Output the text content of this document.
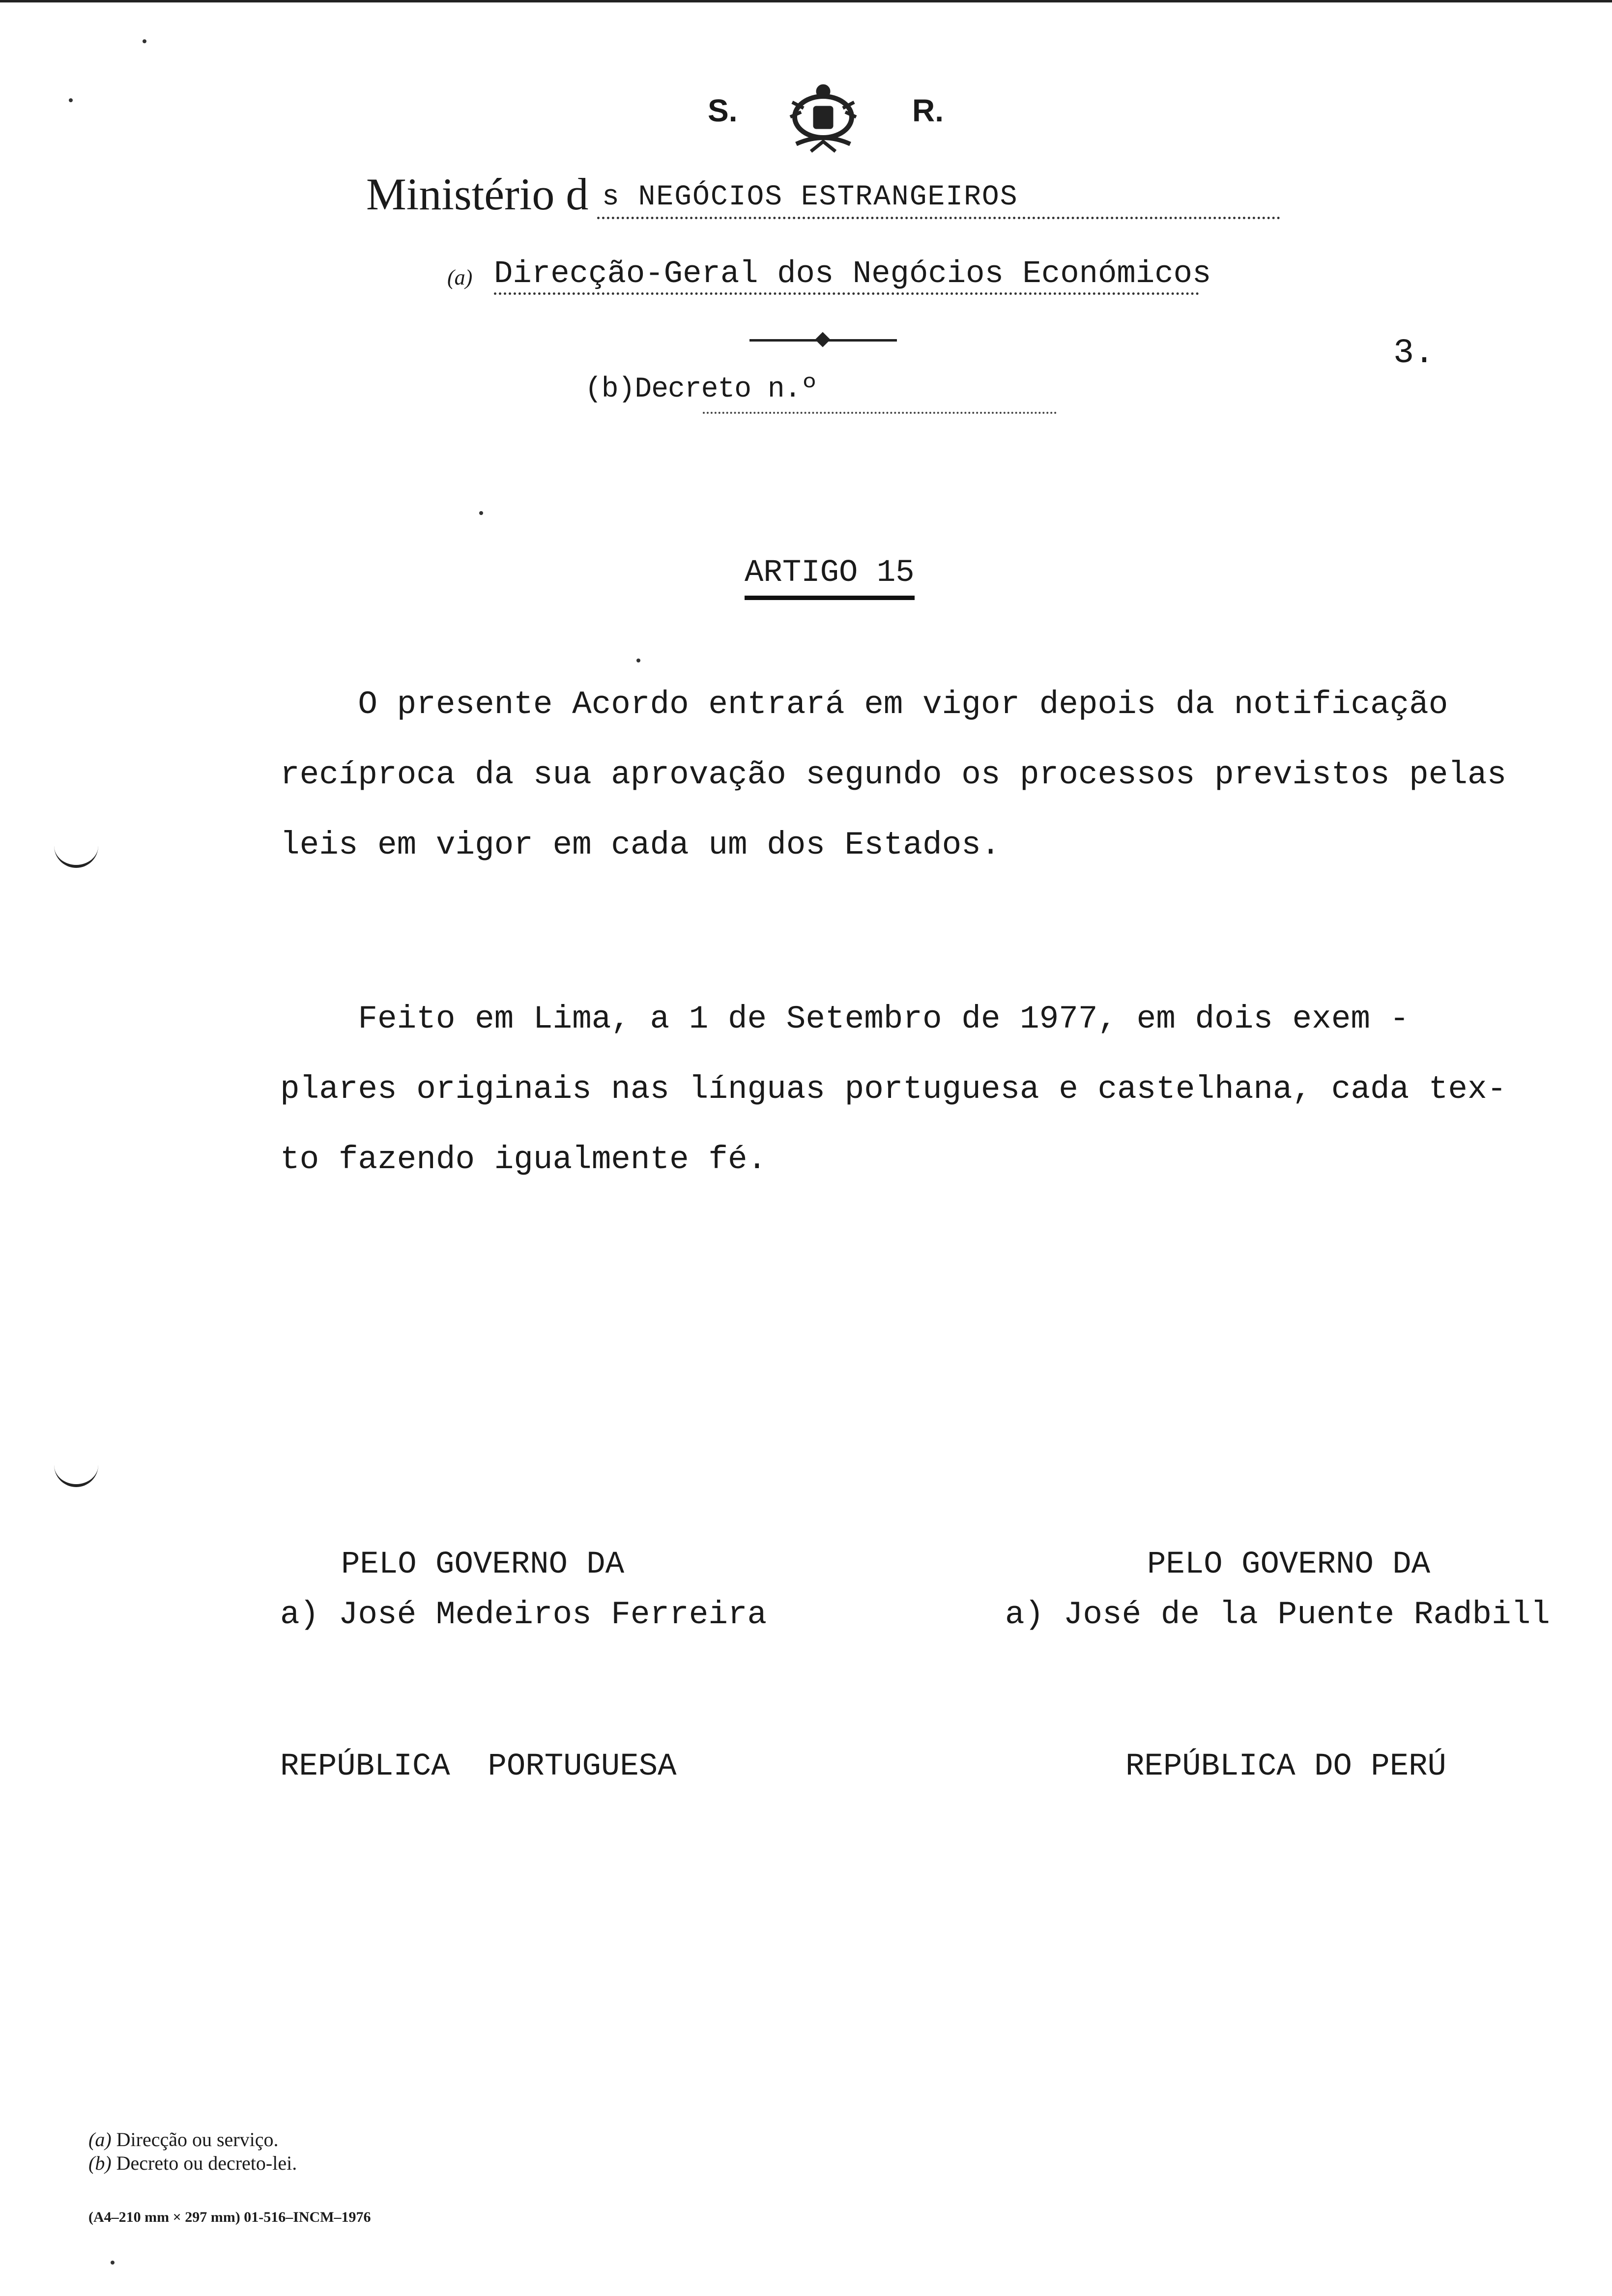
S.	R.
Ministério d s NEGÓCIOS ESTRANGEIROS
(a) Direcção-Geral dos Negócios Económicos
3.
(b)Decreto n.º
ARTIGO 15
O presente Acordo entrará em vigor depois da notificação
recíproca da sua aprovação segundo os processos previstos pelas
leis em vigor em cada um dos Estados.
Feito em Lima, a 1 de Setembro de 1977, em dois exem -
plares originais nas línguas portuguesa e castelhana, cada tex-
to fazendo igualmente fé.

PELO GOVERNO DA

REPÚBLICA  PORTUGUESA

PELO GOVERNO DA

REPÚBLICA DO PERÚ

a) José Medeiros Ferreira	a) José de la Puente Radbill
(a) Direcção ou serviço.
(b) Decreto ou decreto-lei.
(A4–210 mm × 297 mm) 01-516–INCM–1976
